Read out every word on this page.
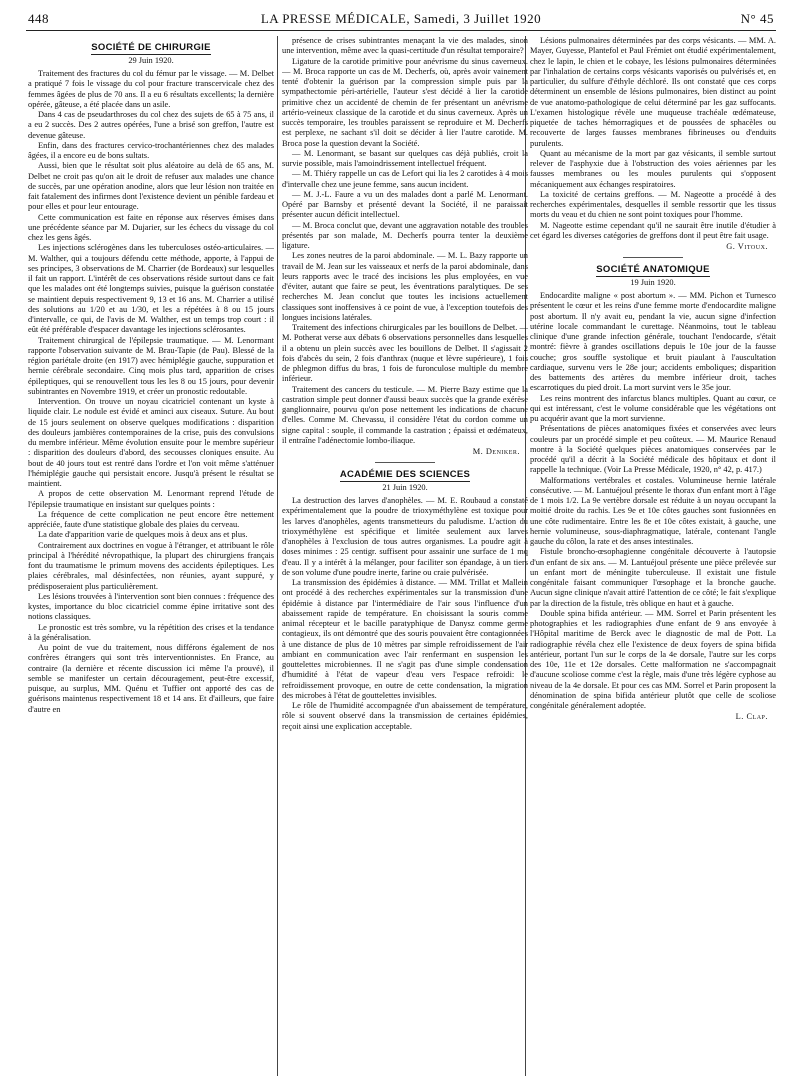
448	LA PRESSE MÉDICALE, Samedi, 3 Juillet 1920	N° 45
SOCIÉTÉ DE CHIRURGIE
29 Juin 1920.

Traitement des fractures du col du fémur par le vissage. — M. Delbet a pratiqué 7 fois le vissage du col pour fracture transcervicale chez des femmes âgées de plus de 70 ans. Il a eu 6 résultats excellents; la dernière opérée, gâteuse, a été placée dans un asile.

Dans 4 cas de pseudarthroses du col chez des sujets de 65 à 75 ans, il a eu 2 succès. Des 2 autres opérées, l'une a brisé son greffon, l'autre est devenue gâteuse.

Enfin, dans des fractures cervico-trochantériennes chez des malades âgées, il a encore eu de bons sultats.

Aussi, bien que le résultat soit plus aléatoire au delà de 65 ans, M. Delbet ne croit pas qu'on ait le droit de refuser aux malades une chance de succès, par une opération anodine, alors que leur lésion non traitée en fait fatalement des infirmes dont l'existence devient un pénible fardeau et pour elles et pour leur entourage.

Cette communication est faite en réponse aux réserves émises dans une précédente séance par M. Dujarier, sur les échecs du vissage du col chez les gens âgés.

Les injections sclérogènes dans les tuberculoses ostéo-articulaires. — M. Walther, qui a toujours défendu cette méthode, apporte, à l'appui de ses principes, 3 observations de M. Charrier (de Bordeaux) sur lesquelles il fait un rapport. L'intérêt de ces observations réside surtout dans ce fait que les malades ont été longtemps suivies, puisque la guérison constatée se maintient depuis respectivement 9, 13 et 16 ans. M. Charrier a utilisé des solutions au 1/20 et au 1/30, et les a répétées à 8 ou 15 jours d'intervalle, ce qui, de l'avis de M. Walther, est un temps trop court : il eût été préférable d'espacer davantage les injections sclérosantes.

Traitement chirurgical de l'épilepsie traumatique. — M. Lenormant rapporte l'observation suivante de M. Brau-Tapie (de Pau). Blessé de la région pariétale droite (en 1917) avec hémiplégie gauche, suppuration et hernie cérébrale secondaire. Cinq mois plus tard, apparition de crises épileptiques, qui se renouvellent tous les les 8 ou 15 jours, pour devenir subintrantes en Novembre 1919, et créer un pronostic redoutable.

Intervention. On trouve un noyau cicatriciel contenant un kyste à liquide clair. Le nodule est évidé et aminci aux ciseaux. Suture. Au bout de 15 jours seulement on observe quelques modifications : disparition des douleurs jambières contemporaines de la crise, puis des convulsions du membre inférieur. Même évolution ensuite pour le membre supérieur : disparition des douleurs d'abord, des secousses cloniques ensuite. Au bout de 40 jours tout est rentré dans l'ordre et l'on voit même s'atténuer l'hémiplégie gauche qui persistait encore. Jusqu'à présent le résultat se maintient.

A propos de cette observation M. Lenormant reprend l'étude de l'épilepsie traumatique en insistant sur quelques points :

La fréquence de cette complication ne peut encore être nettement appréciée, faute d'une statistique globale des plaies du cerveau.

La date d'apparition varie de quelques mois à deux ans et plus.

Contrairement aux doctrines en vogue à l'étranger, et attribuant le rôle principal à l'hérédité névropathique, la plupart des chirurgiens français font du traumatisme le primum movens des accidents épileptiques. Les plaies cérébrales, mal désinfectées, non réunies, ayant suppuré, y prédisposeraient plus particulièrement.

Les lésions trouvées à l'intervention sont bien connues : fréquence des kystes, importance du bloc cicatriciel comme épine irritative sont des notions classiques.

Le pronostic est très sombre, vu la répétition des crises et la tendance à la généralisation.

Au point de vue du traitement, nous différons également de nos confrères étrangers qui sont très interventionnistes. En France, au contraire (la dernière et récente discussion ici même l'a prouvé), il semble se manifester un certain découragement, peut-être excessif, puisque, au surplus, MM. Quénu et Tuffier ont apporté des cas de guérisons maintenus respectivement 18 et 14 ans. Et d'ailleurs, que faire d'autre en

présence de crises subintrantes menaçant la vie des malades, sinon une intervention, même avec la quasi-certitude d'un résultat temporaire?

Ligature de la carotide primitive pour anévrisme du sinus caverneux. — M. Broca rapporte un cas de M. Decherfs, où, après avoir vainement tenté d'obtenir la guérison par la compression simple puis par la sympathectomie péri-artérielle, l'auteur s'est décidé à lier la carotide primitive chez un accidenté de chemin de fer présentant un anévrisme artério-veineux classique de la carotide et du sinus caverneux. Après un succès temporaire, les troubles paraissent se reproduire et M. Decherfs est perplexe, ne sachant s'il doit se décider à lier l'autre carotide. M. Broca pose la question devant la Société.

— M. Lenormant, se basant sur quelques cas déjà publiés, croit la survie possible, mais l'amoindrissement intellectuel fréquent.

— M. Thiéry rappelle un cas de Lefort qui lia les 2 carotides à 4 mois d'intervalle chez une jeune femme, sans aucun incident.

— M. J.-L. Faure a vu un des malades dont a parlé M. Lenormant. Opéré par Barnsby et présenté devant la Société, il ne paraissait présenter aucun déficit intellectuel.

— M. Broca conclut que, devant une aggravation notable des troubles présentés par son malade, M. Decherfs pourra tenter la deuxième ligature.

Les zones neutres de la paroi abdominale. — M. L. Bazy rapporte un travail de M. Jean sur les vaisseaux et nerfs de la paroi abdominale, dans leurs rapports avec le tracé des incisions les plus employées, en vue d'éviter, autant que faire se peut, les éventrations paralytiques. De ses recherches M. Jean conclut que toutes les incisions actuellement classiques sont inoffensives à ce point de vue, à l'exception toutefois des longues incisions latérales.

Traitement des infections chirurgicales par les bouillons de Delbet. — M. Potherat verse aux débats 6 observations personnelles dans lesquelles il a obtenu un plein succès avec les bouillons de Delbet. Il s'agissait 2 fois d'abcès du sein, 2 fois d'anthrax (nuque et lèvre supérieure), 1 fois de phlegmon diffus du bras, 1 fois de furonculose multiple du membre inférieur.

Traitement des cancers du testicule. — M. Pierre Bazy estime que la castration simple peut donner d'aussi beaux succès que la grande exérèse ganglionnaire, pourvu qu'on pose nettement les indications de chacune d'elles. Comme M. Chevassu, il considère l'état du cordon comme un signe capital : souple, il commande la castration ; épaissi et œdémateux, il entraîne l'adénectomie lombo-iliaque.

M. Deniker.
ACADÉMIE DES SCIENCES
21 Juin 1920.

La destruction des larves d'anophèles. — M. E. Roubaud a constaté expérimentalement que la poudre de trioxyméthylène est toxique pour les larves d'anophèles, agents transmetteurs du paludisme. L'action du trioxyméthylène est spécifique et limitée seulement aux larves d'anophèles à l'exclusion de tous autres organismes. La poudre agit à doses minimes : 25 centigr. suffisent pour assainir une surface de 1 mq d'eau. Il y a intérêt à la mélanger, pour faciliter son épandage, à un tiers de son volume d'une poudre inerte, farine ou craie pulvérisée.

La transmission des épidémies à distance. — MM. Trillat et Mallein ont procédé à des recherches expérimentales sur la transmission d'une épidémie à distance par l'intermédiaire de l'air sous l'influence d'un abaissement rapide de température. En choisissant la souris comme animal récepteur et le bacille paratyphique de Danysz comme germe contagieux, ils ont démontré que des souris pouvaient être contagionnées à une distance de plus de 10 mètres par simple refroidissement de l'air ambiant en communication avec l'air renfermant en suspension les gouttelettes microbiennes. Il ne s'agit pas d'une simple condensation d'humidité à l'état de vapeur d'eau vers l'espace refroidi: le refroidissement provoque, en outre de cette condensation, la migration des microbes à l'état de gouttelettes invisibles.

Le rôle de l'humidité accompagnée d'un abaissement de température, rôle si souvent observé dans la transmission de certaines épidémies, reçoit ainsi une explication acceptable.

Lésions pulmonaires déterminées par des corps vésicants. — MM. A. Mayer, Guyesse, Plantefol et Paul Frémiet ont étudié expérimentalement, chez le lapin, le chien et le cobaye, les lésions pulmonaires déterminées par l'inhalation de certains corps vésicants vaporisés ou pulvérisés et, en particulier, du sulfure d'éthyle déchloré. Ils ont constaté que ces corps déterminent un ensemble de lésions pulmonaires, bien distinct au point de vue anatomo-pathologique de celui déterminé par les gaz suffocants. L'examen histologique révèle une muqueuse trachéale œdémateuse, piquetée de taches hémorragiques et de poussées de sphacèles ou recouverte de larges fausses membranes fibrineuses ou d'enduits purulents.

Quant au mécanisme de la mort par gaz vésicants, il semble surtout relever de l'asphyxie due à l'obstruction des voies aériennes par les fausses membranes ou les moules purulents qui s'opposent mécaniquement aux échanges respiratoires.

La toxicité de certains greffons. — M. Nageotte a procédé à des recherches expérimentales, desquelles il semble ressortir que les tissus morts du veau et du chien ne sont point toxiques pour l'homme.

M. Nageotte estime cependant qu'il ne saurait être inutile d'étudier à cet égard les diverses catégories de greffons dont il peut être fait usage.

G. Vitoux.
SOCIÉTÉ ANATOMIQUE
19 Juin 1920.

Endocardite maligne « post abortum ». — MM. Pichon et Turnesco présentent le cœur et les reins d'une femme morte d'endocardite maligne post abortum. Il n'y avait eu, pendant la vie, aucun signe d'infection utérine locale commandant le curettage. Néanmoins, tout le tableau clinique d'une grande infection générale, touchant l'endocarde, s'était montré: fièvre à grandes oscillations depuis le 10e jour de la fausse couche; gros souffle systolique et bruit piaulant à l'auscultation cardiaque, survenu vers le 28e jour; accidents emboliques; disparition des battements des artères du membre inférieur droit, taches escarrotiques du pied droit. La mort survint vers le 35e jour.

Les reins montrent des infarctus blancs multiples. Quant au cœur, ce qui est intéressant, c'est le volume considérable que les végétations ont pu acquérir avant que la mort survienne.

Présentations de pièces anatomiques fixées et conservées avec leurs couleurs par un procédé simple et peu coûteux. — M. Maurice Renaud montre à la Société quelques pièces anatomiques conservées par le procédé qu'il a décrit à la Société médicale des hôpitaux et dont il rappelle la technique. (Voir La Presse Médicale, 1920, n° 42, p. 417.)

Malformations vertébrales et costales. Volumineuse hernie latérale consécutive. — M. Lantuéjoul présente le thorax d'un enfant mort à l'âge de 1 mois 1/2. La 9e vertèbre dorsale est réduite à un noyau occupant la moitié droite du rachis. Les 9e et 10e côtes gauches sont fusionnées en une côte rudimentaire. Entre les 8e et 10e côtes existait, à gauche, une hernie volumineuse, sous-diaphragmatique, latérale, contenant l'angle gauche du côlon, la rate et des anses intestinales.

Fistule broncho-œsophagienne congénitale découverte à l'autopsie d'un enfant de six ans. — M. Lantuéjoul présente une pièce prélevée sur un enfant mort de méningite tuberculeuse. Il existait une fistule congénitale faisant communiquer l'œsophage et la bronche gauche. Aucun signe clinique n'avait attiré l'attention de ce côté; le fait s'explique par la direction de la fistule, très oblique en haut et à gauche.

Double spina bifida antérieur. — MM. Sorrel et Parin présentent les photographies et les radiographies d'une enfant de 9 ans envoyée à l'Hôpital maritime de Berck avec le diagnostic de mal de Pott. La radiographie révéla chez elle l'existence de deux foyers de spina bifida antérieur, portant l'un sur le corps de la 4e dorsale, l'autre sur les corps des 10e, 11e et 12e dorsales. Cette malformation ne s'accompagnait d'aucune scoliose comme c'est la règle, mais d'une très légère cyphose au niveau de la 4e dorsale. Et pour ces cas MM. Sorrel et Parin proposent la dénomination de spina bifida antérieur plutôt que celle de scoliose congénitale généralement adoptée.

L. Clap.
